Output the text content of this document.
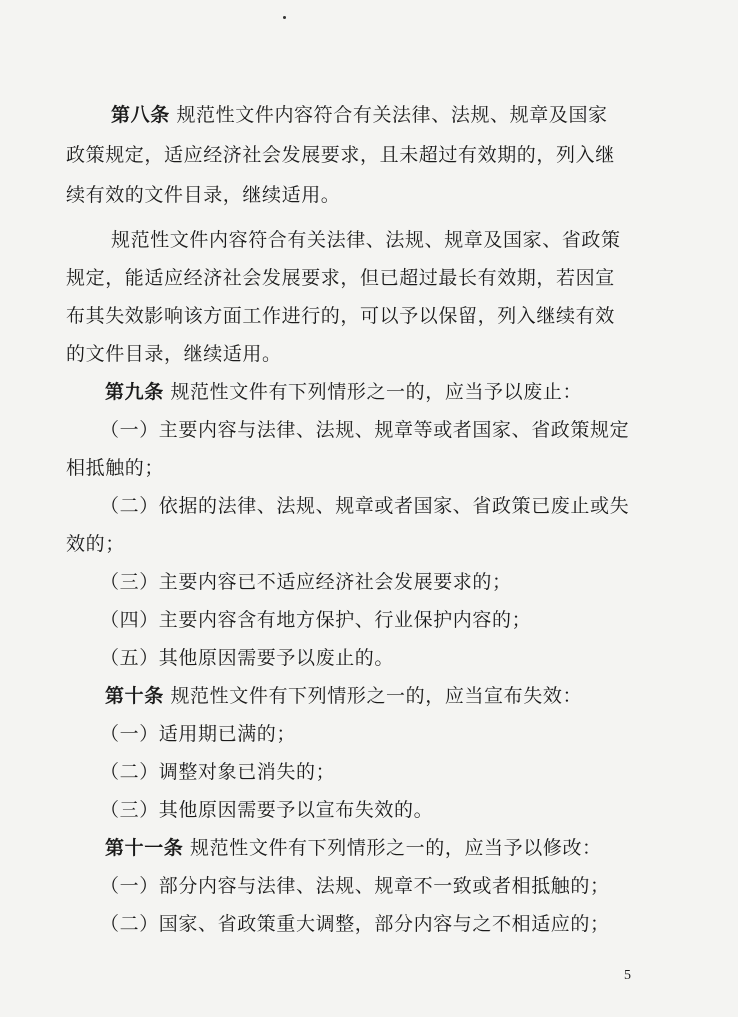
第八条 规范性文件内容符合有关法律、法规、规章及国家
政策规定，适应经济社会发展要求，且未超过有效期的，列入继
续有效的文件目录，继续适用。
规范性文件内容符合有关法律、法规、规章及国家、省政策
规定，能适应经济社会发展要求，但已超过最长有效期，若因宣
布其失效影响该方面工作进行的，可以予以保留，列入继续有效
的文件目录，继续适用。
第九条 规范性文件有下列情形之一的，应当予以废止：
（一）主要内容与法律、法规、规章等或者国家、省政策规定
相抵触的；
（二）依据的法律、法规、规章或者国家、省政策已废止或失
效的；
（三）主要内容已不适应经济社会发展要求的；
（四）主要内容含有地方保护、行业保护内容的；
（五）其他原因需要予以废止的。
第十条 规范性文件有下列情形之一的，应当宣布失效：
（一）适用期已满的；
（二）调整对象已消失的；
（三）其他原因需要予以宣布失效的。
第十一条 规范性文件有下列情形之一的，应当予以修改：
5
（一）部分内容与法律、法规、规章不一致或者相抵触的；
（二）国家、省政策重大调整，部分内容与之不相适应的；
